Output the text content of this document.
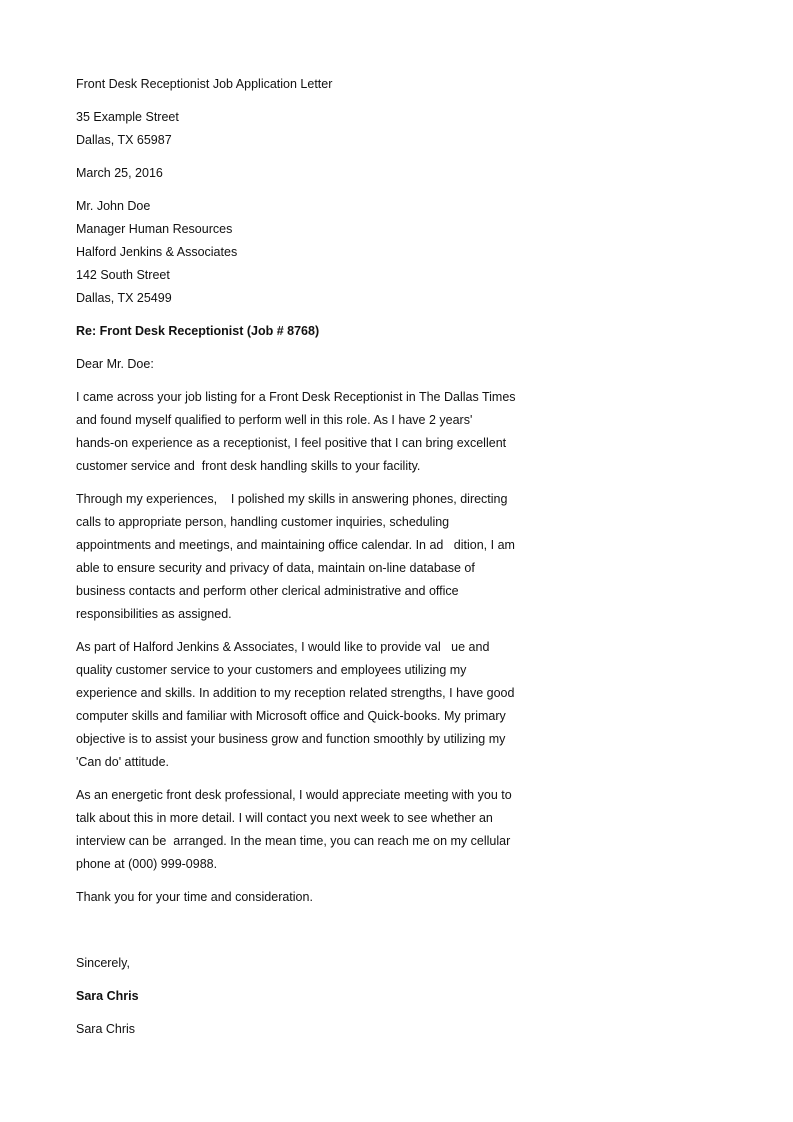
Front Desk Receptionist Job Application Letter
35 Example Street
Dallas, TX 65987
March 25, 2016
Mr. John Doe
Manager Human Resources
Halford Jenkins & Associates
142 South Street
Dallas, TX 25499
Re: Front Desk Receptionist (Job # 8768)
Dear Mr. Doe:
I came across your job listing for a Front Desk Receptionist in The Dallas Times
and found myself qualified to perform well in this role. As I have 2 years'
hands-on experience as a receptionist, I feel positive that I can bring excellent
customer service and  front desk handling skills to your facility.
Through my experiences,    I polished my skills in answering phones, directing
calls to appropriate person, handling customer inquiries, scheduling
appointments and meetings, and maintaining office calendar. In ad   dition, I am
able to ensure security and privacy of data, maintain on-line database of
business contacts and perform other clerical administrative and office
responsibilities as assigned.
As part of Halford Jenkins & Associates, I would like to provide val   ue and
quality customer service to your customers and employees utilizing my
experience and skills. In addition to my reception related strengths, I have good
computer skills and familiar with Microsoft office and Quick-books. My primary
objective is to assist your business grow and function smoothly by utilizing my
'Can do' attitude.
As an energetic front desk professional, I would appreciate meeting with you to
talk about this in more detail. I will contact you next week to see whether an
interview can be  arranged. In the mean time, you can reach me on my cellular
phone at (000) 999-0988.
Thank you for your time and consideration.
Sincerely,
Sara Chris
Sara Chris
